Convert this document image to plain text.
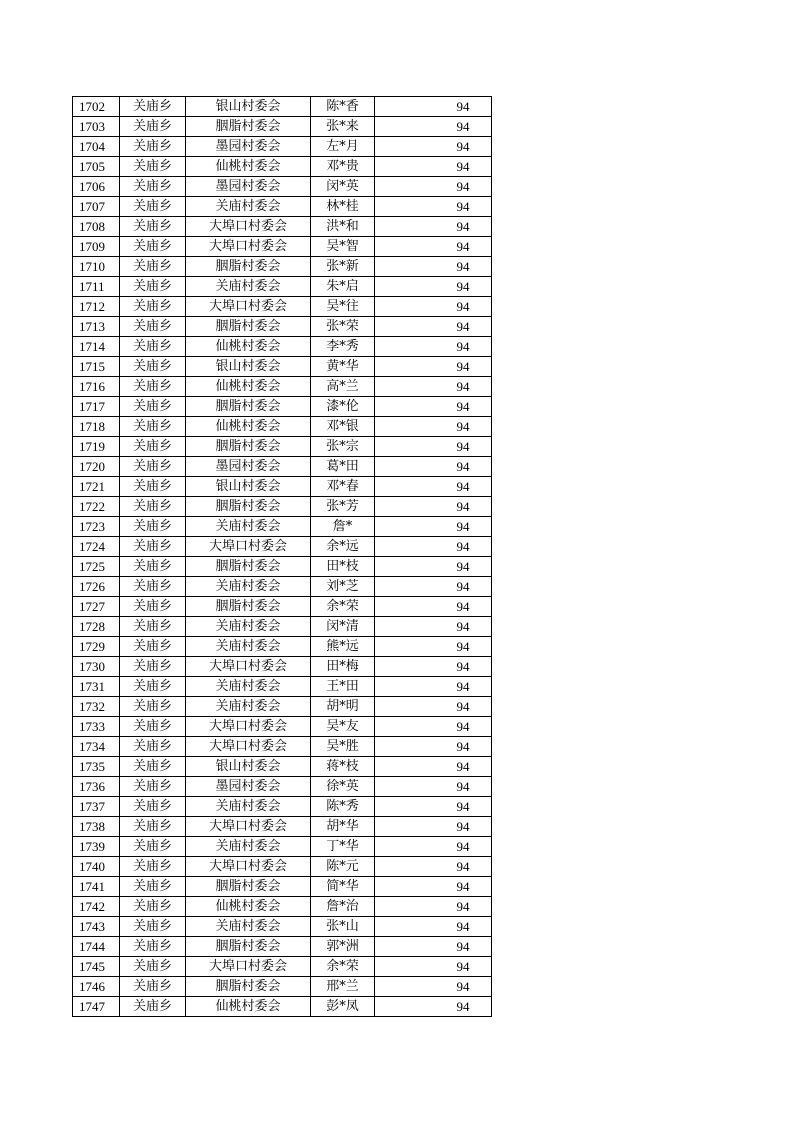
1702	关庙乡	银山村委会	陈*香	94
1703	关庙乡	胭脂村委会	张*来	94
1704	关庙乡	墨园村委会	左*月	94
1705	关庙乡	仙桃村委会	邓*贵	94
1706	关庙乡	墨园村委会	闵*英	94
1707	关庙乡	关庙村委会	林*桂	94
1708	关庙乡	大埠口村委会	洪*和	94
1709	关庙乡	大埠口村委会	吴*智	94
1710	关庙乡	胭脂村委会	张*新	94
1711	关庙乡	关庙村委会	朱*启	94
1712	关庙乡	大埠口村委会	吴*往	94
1713	关庙乡	胭脂村委会	张*荣	94
1714	关庙乡	仙桃村委会	李*秀	94
1715	关庙乡	银山村委会	黄*华	94
1716	关庙乡	仙桃村委会	高*兰	94
1717	关庙乡	胭脂村委会	漆*伦	94
1718	关庙乡	仙桃村委会	邓*银	94
1719	关庙乡	胭脂村委会	张*宗	94
1720	关庙乡	墨园村委会	葛*田	94
1721	关庙乡	银山村委会	邓*春	94
1722	关庙乡	胭脂村委会	张*芳	94
1723	关庙乡	关庙村委会	詹*	94
1724	关庙乡	大埠口村委会	余*远	94
1725	关庙乡	胭脂村委会	田*枝	94
1726	关庙乡	关庙村委会	刘*芝	94
1727	关庙乡	胭脂村委会	余*荣	94
1728	关庙乡	关庙村委会	闵*清	94
1729	关庙乡	关庙村委会	熊*远	94
1730	关庙乡	大埠口村委会	田*梅	94
1731	关庙乡	关庙村委会	王*田	94
1732	关庙乡	关庙村委会	胡*明	94
1733	关庙乡	大埠口村委会	吴*友	94
1734	关庙乡	大埠口村委会	吴*胜	94
1735	关庙乡	银山村委会	蒋*枝	94
1736	关庙乡	墨园村委会	徐*英	94
1737	关庙乡	关庙村委会	陈*秀	94
1738	关庙乡	大埠口村委会	胡*华	94
1739	关庙乡	关庙村委会	丁*华	94
1740	关庙乡	大埠口村委会	陈*元	94
1741	关庙乡	胭脂村委会	简*华	94
1742	关庙乡	仙桃村委会	詹*治	94
1743	关庙乡	关庙村委会	张*山	94
1744	关庙乡	胭脂村委会	郭*洲	94
1745	关庙乡	大埠口村委会	余*荣	94
1746	关庙乡	胭脂村委会	邢*兰	94
1747	关庙乡	仙桃村委会	彭*凤	94
